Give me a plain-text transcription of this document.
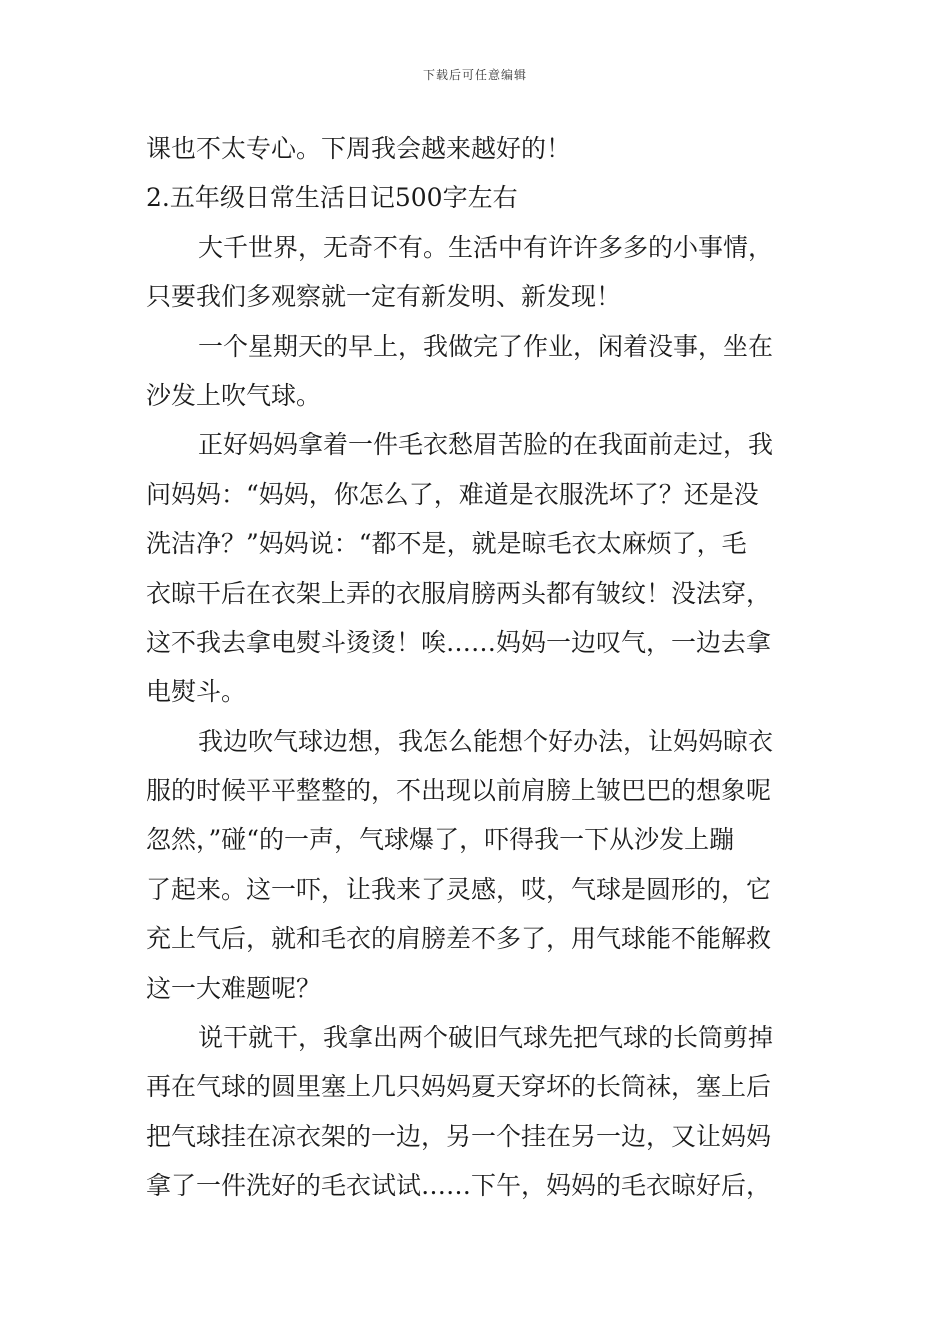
下载后可任意编辑
课也不太专心。下周我会越来越好的！
2.五年级日常生活日记500字左右
大千世界，无奇不有。生活中有许许多多的小事情，
只要我们多观察就一定有新发明、新发现！
一个星期天的早上，我做完了作业，闲着没事，坐在
沙发上吹气球。
正好妈妈拿着一件毛衣愁眉苦脸的在我面前走过，我
问妈妈：“妈妈，你怎么了，难道是衣服洗坏了？还是没
洗洁净？”妈妈说：“都不是，就是晾毛衣太麻烦了，毛
衣晾干后在衣架上弄的衣服肩膀两头都有皱纹！没法穿，
这不我去拿电熨斗烫烫！唉……妈妈一边叹气，一边去拿
电熨斗。
我边吹气球边想，我怎么能想个好办法，让妈妈晾衣
服的时候平平整整的，不出现以前肩膀上皱巴巴的想象呢
忽然，”碰“的一声，气球爆了，吓得我一下从沙发上蹦
了起来。这一吓，让我来了灵感，哎，气球是圆形的，它
充上气后，就和毛衣的肩膀差不多了，用气球能不能解救
这一大难题呢？
说干就干，我拿出两个破旧气球先把气球的长筒剪掉
再在气球的圆里塞上几只妈妈夏天穿坏的长筒袜，塞上后
把气球挂在凉衣架的一边，另一个挂在另一边，又让妈妈
拿了一件洗好的毛衣试试……下午，妈妈的毛衣晾好后，
